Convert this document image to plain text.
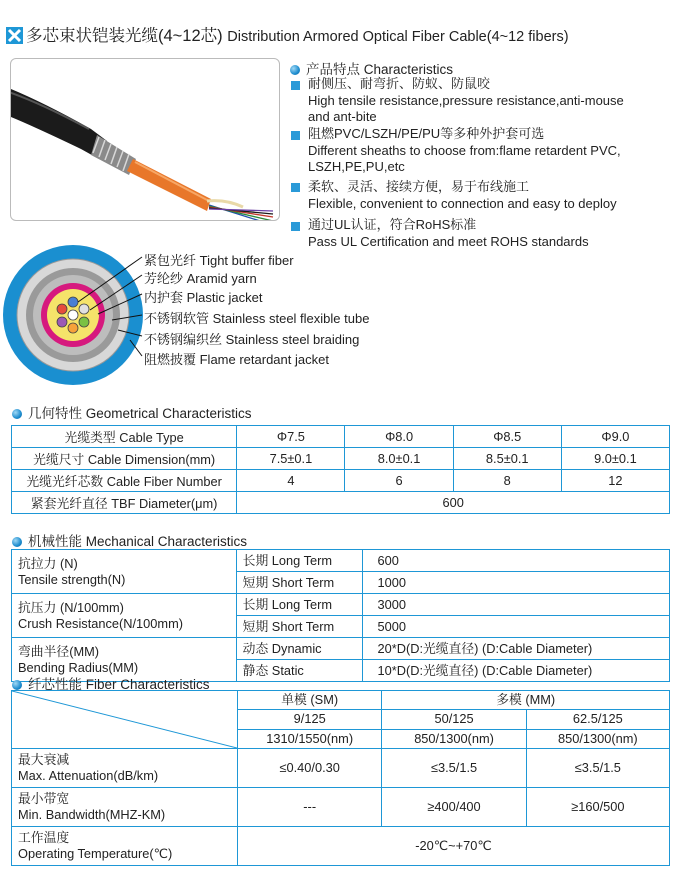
多芯束状铠装光缆(4~12芯) Distribution Armored Optical Fiber Cable(4~12 fibers)
产品特点 Characteristics
耐侧压、耐弯折、防蚁、防鼠咬
High tensile resistance,pressure resistance,anti-mouse
and ant-bite
阻燃PVC/LSZH/PE/PU等多种外护套可选
Different sheaths to choose from:flame retardent PVC,
LSZH,PE,PU,etc
柔软、灵活、接续方便，易于布线施工
Flexible, convenient to connection and easy to deploy
通过UL认证，符合RoHS标准
Pass UL Certification and meet ROHS standards
紧包光纤 Tight buffer fiber
芳纶纱 Aramid yarn
内护套 Plastic jacket
不锈钢软管 Stainless steel flexible tube
不锈钢编织丝 Stainless steel braiding
阻燃披覆 Flame retardant jacket
几何特性 Geometrical Characteristics
光缆类型 Cable Type	Φ7.5	Φ8.0	Φ8.5	Φ9.0
光缆尺寸 Cable Dimension(mm)	7.5±0.1	8.0±0.1	8.5±0.1	9.0±0.1
光缆光纤芯数 Cable Fiber Number	4	6	8	12
紧套光纤直径 TBF Diameter(μm)	600			
机械性能 Mechanical Characteristics
抗拉力 (N)
Tensile strength(N)	长期 Long Term	600
	短期 Short Term	1000

抗压力 (N/100mm)
Crush Resistance(N/100mm)	长期 Long Term	3000
	短期 Short Term	5000

弯曲半径(MM)
Bending Radius(MM)	动态 Dynamic	20*D(D:光缆直径) (D:Cable Diameter)
	静态 Static	10*D(D:光缆直径) (D:Cable Diameter)
纤芯性能 Fiber Characteristics
	单模 (SM)	多模 (MM)	
	9/125	50/125	62.5/125
	1310/1550(nm)	850/1300(nm)	850/1300(nm)

最大衰减
Max. Attenuation(dB/km)	≤0.40/0.30	≤3.5/1.5	≤3.5/1.5

最小带宽
Min. Bandwidth(MHZ-KM)	---	≥400/400	≥160/500

工作温度
Operating Temperature(℃)	-20℃~+70℃		
